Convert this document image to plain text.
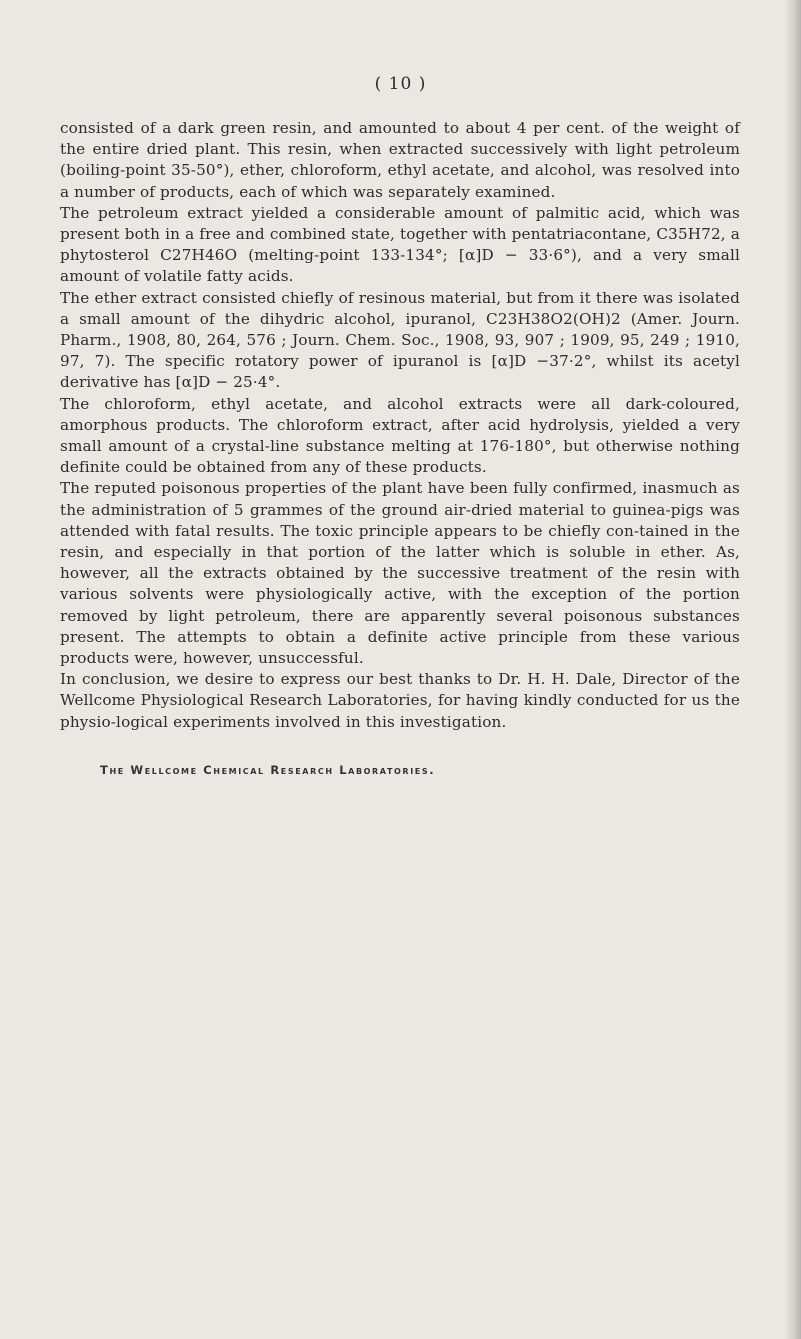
( 10 )

consisted of a dark green resin, and amounted to about 4 per cent. of the weight of the entire dried plant. This resin, when extracted successively with light petroleum (boiling-point 35-50°), ether, chloroform, ethyl acetate, and alcohol, was resolved into a number of products, each of which was separately examined.

The petroleum extract yielded a considerable amount of palmitic acid, which was present both in a free and combined state, together with pentatriacontane, C35H72, a phytosterol C27H46O (melting-point 133-134°; [α]D − 33·6°), and a very small amount of volatile fatty acids.

The ether extract consisted chiefly of resinous material, but from it there was isolated a small amount of the dihydric alcohol, ipuranol, C23H38O2(OH)2 (Amer. Journ. Pharm., 1908, 80, 264, 576 ; Journ. Chem. Soc., 1908, 93, 907 ; 1909, 95, 249 ; 1910, 97, 7). The specific rotatory power of ipuranol is [α]D −37·2°, whilst its acetyl derivative has [α]D − 25·4°.

The chloroform, ethyl acetate, and alcohol extracts were all dark-coloured, amorphous products. The chloroform extract, after acid hydrolysis, yielded a very small amount of a crystal-line substance melting at 176-180°, but otherwise nothing definite could be obtained from any of these products.

The reputed poisonous properties of the plant have been fully confirmed, inasmuch as the administration of 5 grammes of the ground air-dried material to guinea-pigs was attended with fatal results. The toxic principle appears to be chiefly con-tained in the resin, and especially in that portion of the latter which is soluble in ether. As, however, all the extracts obtained by the successive treatment of the resin with various solvents were physiologically active, with the exception of the portion removed by light petroleum, there are apparently several poisonous substances present. The attempts to obtain a definite active principle from these various products were, however, unsuccessful.

In conclusion, we desire to express our best thanks to Dr. H. H. Dale, Director of the Wellcome Physiological Research Laboratories, for having kindly conducted for us the physio-logical experiments involved in this investigation.

The Wellcome Chemical Research Laboratories.
